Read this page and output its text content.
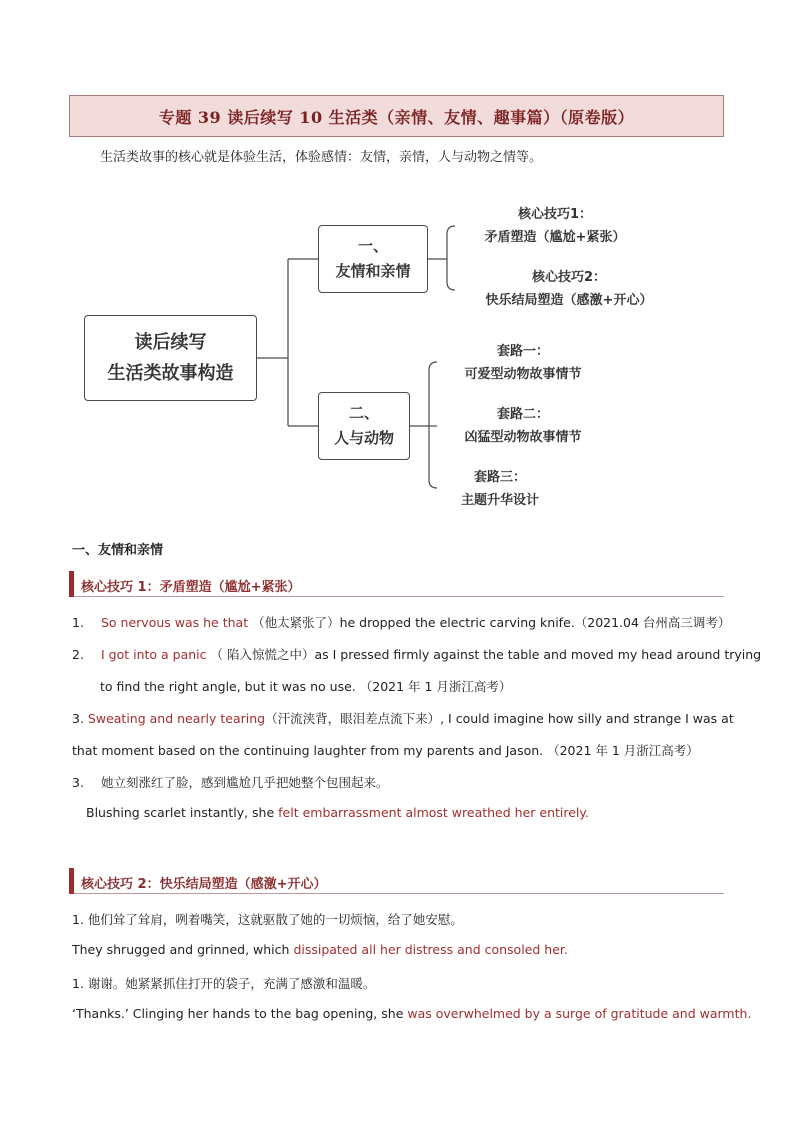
专题 39 读后续写 10 生活类（亲情、友情、趣事篇）（原卷版）
生活类故事的核心就是体验生活，体验感情：友情，亲情，人与动物之情等。
读后续写
生活类故事构造
一、
友情和亲情
二、
人与动物
核心技巧1：
矛盾塑造（尴尬+紧张）
核心技巧2：
快乐结局塑造（感激+开心）
套路一：
可爱型动物故事情节
套路二：
凶猛型动物故事情节
套路三：
主题升华设计
一、友情和亲情
核心技巧 1：矛盾塑造（尴尬+紧张）
1. So nervous was he that （他太紧张了）he dropped the electric carving knife.（2021.04 台州高三调考）
2. I got into a panic （ 陷入惊慌之中）as I pressed firmly against the table and moved my head around trying
to find the right angle, but it was no use. （2021 年 1 月浙江高考）
3. Sweating and nearly tearing（汗流浃背，眼泪差点流下来）, I could imagine how silly and strange I was at
that moment based on the continuing laughter from my parents and Jason. （2021 年 1 月浙江高考）
3. 她立刻涨红了脸，感到尴尬几乎把她整个包围起来。
Blushing scarlet instantly, she felt embarrassment almost wreathed her entirely.
核心技巧 2：快乐结局塑造（感激+开心）
1. 他们耸了耸肩，咧着嘴笑，这就驱散了她的一切烦恼，给了她安慰。
They shrugged and grinned, which dissipated all her distress and consoled her.
1. 谢谢。她紧紧抓住打开的袋子，充满了感激和温暖。
‘Thanks.’ Clinging her hands to the bag opening, she was overwhelmed by a surge of gratitude and warmth.
